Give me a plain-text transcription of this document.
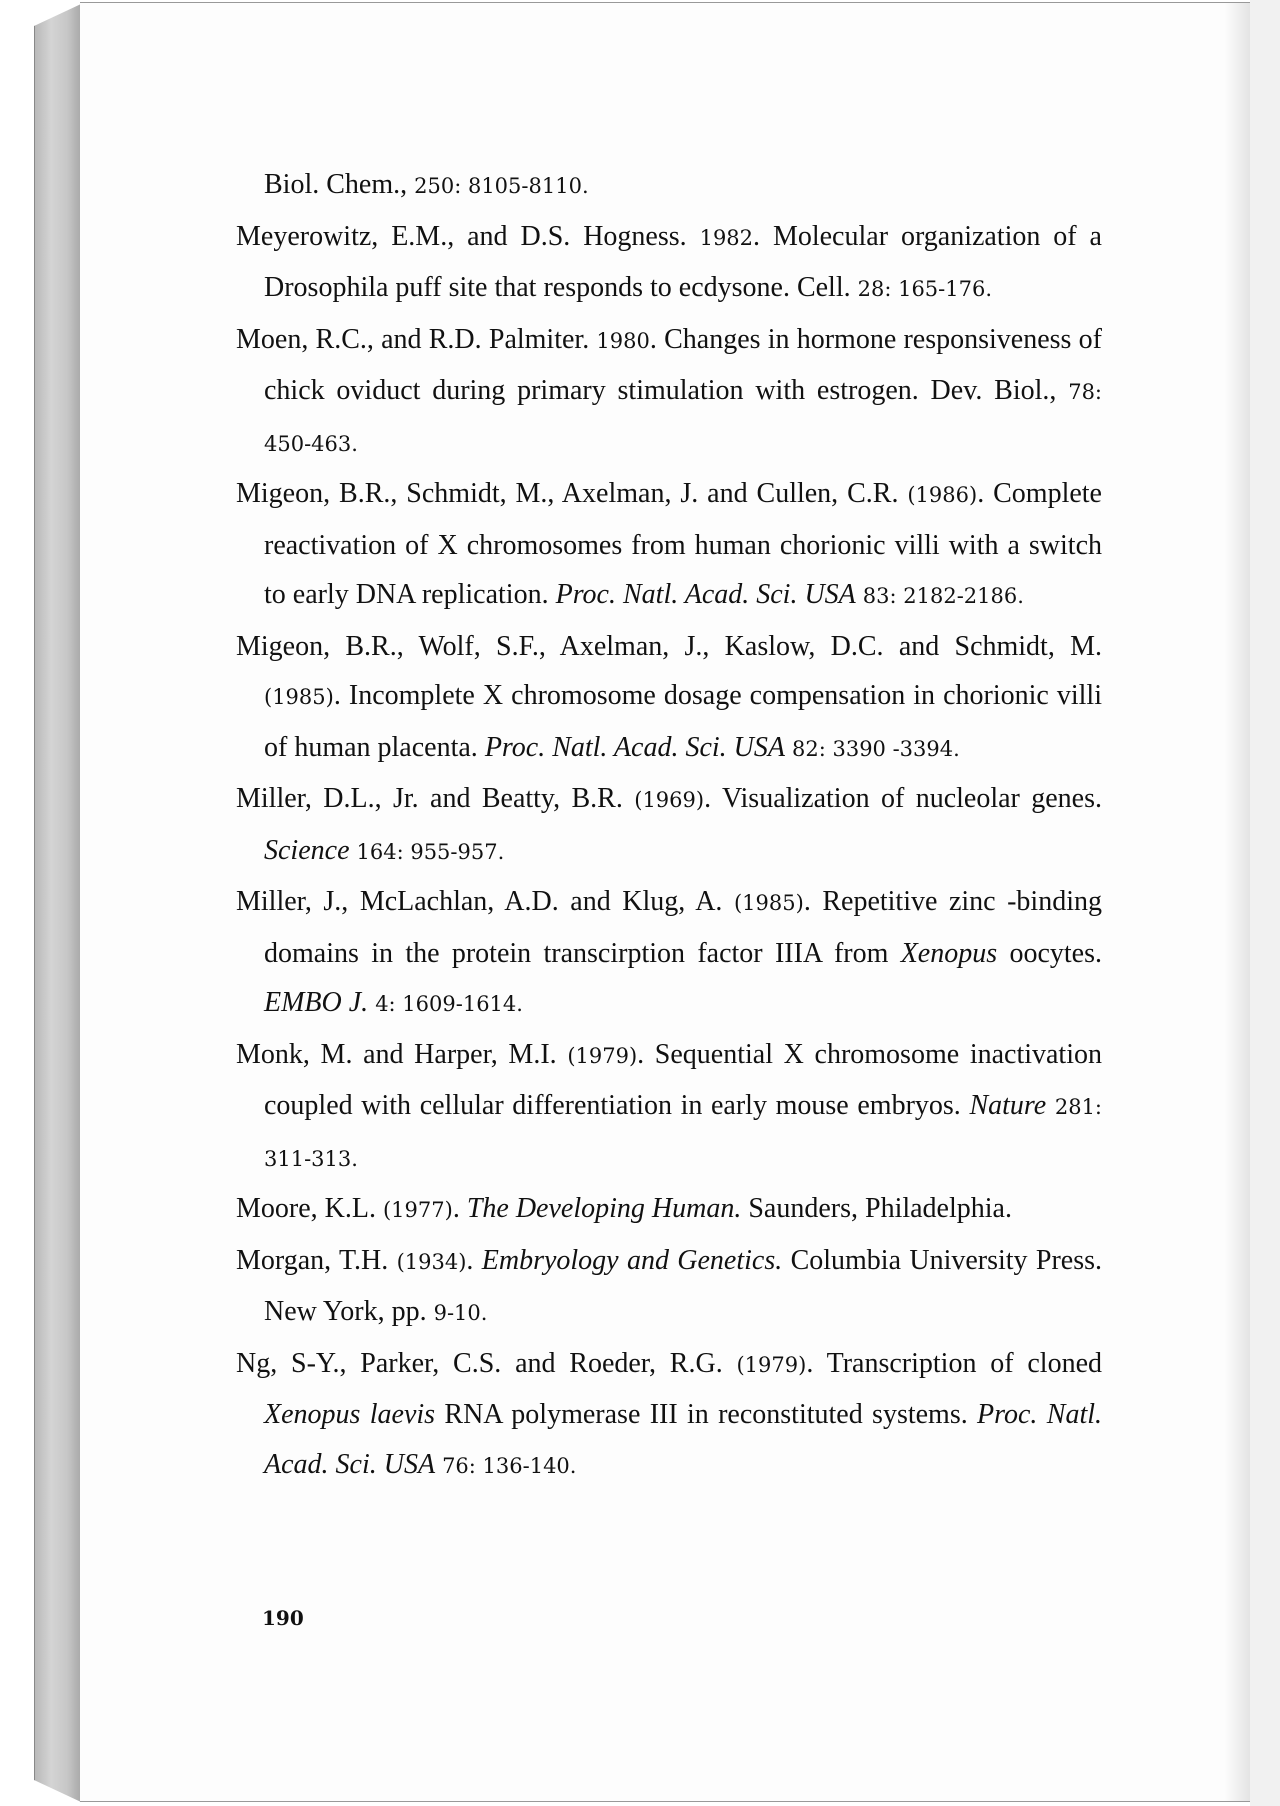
Biol. Chem., 250: 8105-8110.
Meyerowitz, E.M., and D.S. Hogness. 1982. Molecular organization of a Drosophila puff site that responds to ecdysone. Cell. 28: 165-176.
Moen, R.C., and R.D. Palmiter. 1980. Changes in hormone responsiveness of chick oviduct during primary stimulation with estrogen. Dev. Biol., 78: 450-463.
Migeon, B.R., Schmidt, M., Axelman, J. and Cullen, C.R. (1986). Complete reactivation of X chromosomes from human chorionic villi with a switch to early DNA replication. Proc. Natl. Acad. Sci. USA 83: 2182-2186.
Migeon, B.R., Wolf, S.F., Axelman, J., Kaslow, D.C. and Schmidt, M. (1985). Incomplete X chromosome dosage compensation in chorionic villi of human placenta. Proc. Natl. Acad. Sci. USA 82: 3390 -3394.
Miller, D.L., Jr. and Beatty, B.R. (1969). Visualization of nucleolar genes. Science 164: 955-957.
Miller, J., McLachlan, A.D. and Klug, A. (1985). Repetitive zinc -binding domains in the protein transcirption factor IIIA from Xenopus oocytes. EMBO J. 4: 1609-1614.
Monk, M. and Harper, M.I. (1979). Sequential X chromosome inactivation coupled with cellular differentiation in early mouse embryos. Nature 281: 311-313.
Moore, K.L. (1977). The Developing Human. Saunders, Philadelphia.
Morgan, T.H. (1934). Embryology and Genetics. Columbia University Press. New York, pp. 9-10.
Ng, S-Y., Parker, C.S. and Roeder, R.G. (1979). Transcription of cloned Xenopus laevis RNA polymerase III in reconstituted systems. Proc. Natl. Acad. Sci. USA 76: 136-140.
190
